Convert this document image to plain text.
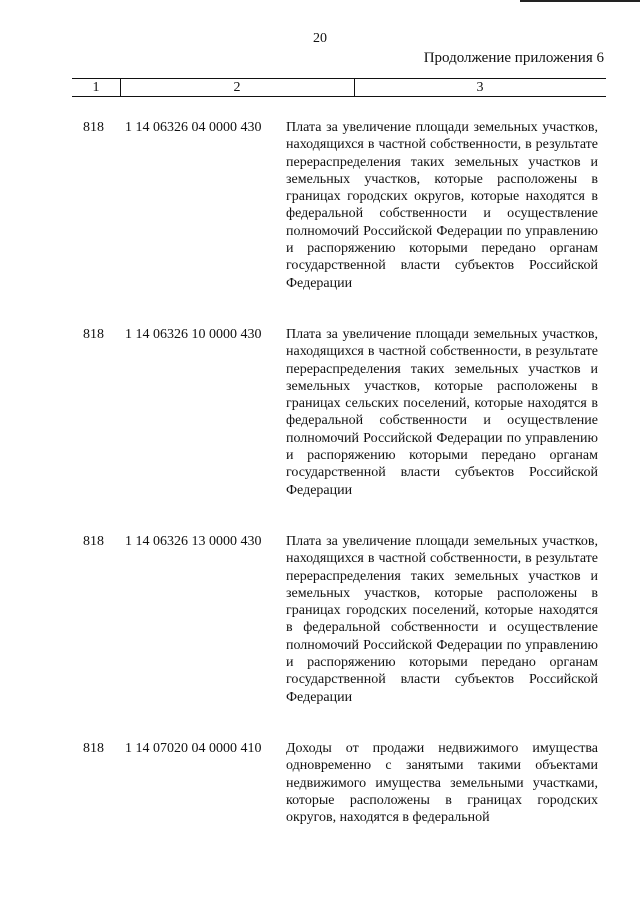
20
Продолжение приложения 6
1	2	3
818 1 14 06326 04 0000 430 Плата за увеличение площади земельных участков, находящихся в частной собственности, в результате перераспределения таких земельных участков и земельных участков, которые расположены в границах городских округов, которые находятся в федеральной собственности и осуществление полномочий Российской Федерации по управлению и распоряжению которыми передано органам государственной власти субъектов Российской Федерации
818 1 14 06326 10 0000 430 Плата за увеличение площади земельных участков, находящихся в частной собственности, в результате перераспределения таких земельных участков и земельных участков, которые расположены в границах сельских поселений, которые находятся в федеральной собственности и осуществление полномочий Российской Федерации по управлению и распоряжению которыми передано органам государственной власти субъектов Российской Федерации
818 1 14 06326 13 0000 430 Плата за увеличение площади земельных участков, находящихся в частной собственности, в результате перераспределения таких земельных участков и земельных участков, которые расположены в границах городских поселений, которые находятся в федеральной собственности и осуществление полномочий Российской Федерации по управлению и распоряжению которыми передано органам государственной власти субъектов Российской Федерации
818 1 14 07020 04 0000 410 Доходы от продажи недвижимого имущества одновременно с занятыми такими объектами недвижимого имущества земельными участками, которые расположены в границах городских округов, находятся в федеральной
